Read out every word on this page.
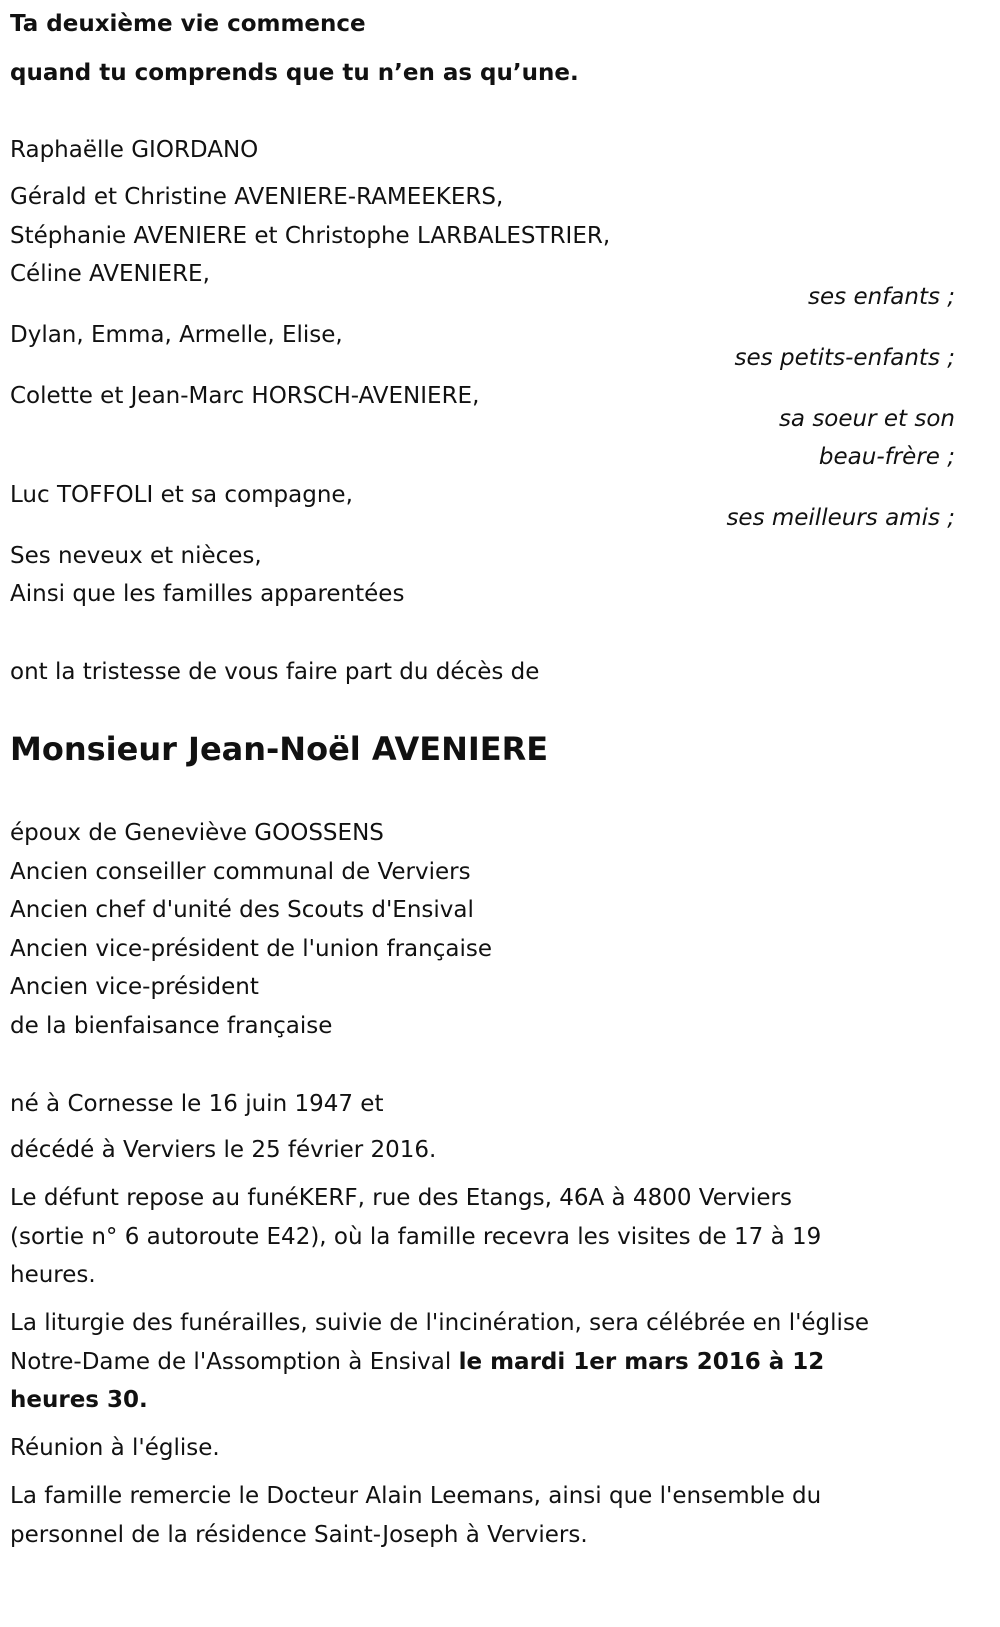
Ta deuxième vie commence
quand tu comprends que tu n’en as qu’une.
Raphaëlle GIORDANO
Gérald et Christine AVENIERE-RAMEEKERS,
Stéphanie AVENIERE et Christophe LARBALESTRIER,
Céline AVENIERE,
ses enfants ;
Dylan, Emma, Armelle, Elise,
ses petits-enfants ;
Colette et Jean-Marc HORSCH-AVENIERE,
sa soeur et son
beau-frère ;
Luc TOFFOLI et sa compagne,
ses meilleurs amis ;
Ses neveux et nièces,
Ainsi que les familles apparentées
ont la tristesse de vous faire part du décès de
Monsieur Jean-Noël AVENIERE
époux de Geneviève GOOSSENS
Ancien conseiller communal de Verviers
Ancien chef d'unité des Scouts d'Ensival
Ancien vice-président de l'union française
Ancien vice-président
de la bienfaisance française
né à Cornesse le 16 juin 1947 et
décédé à Verviers le 25 février 2016.
Le défunt repose au funéKERF, rue des Etangs, 46A à 4800 Verviers
(sortie n° 6 autoroute E42), où la famille recevra les visites de 17 à 19
heures.
La liturgie des funérailles, suivie de l'incinération, sera célébrée en l'église
Notre-Dame de l'Assomption à Ensival le mardi 1er mars 2016 à 12
heures 30.
Réunion à l'église.
La famille remercie le Docteur Alain Leemans, ainsi que l'ensemble du
personnel de la résidence Saint-Joseph à Verviers.
